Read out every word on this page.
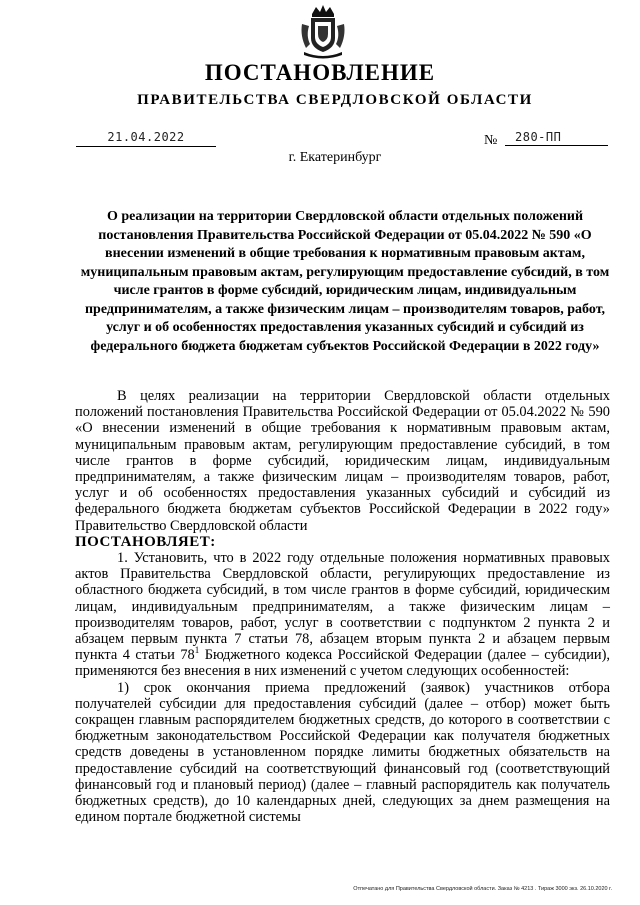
ПОСТАНОВЛЕНИЕ
ПРАВИТЕЛЬСТВА СВЕРДЛОВСКОЙ ОБЛАСТИ
21.04.2022	№	280-ПП
г. Екатеринбург
О реализации на территории Свердловской области отдельных положений постановления Правительства Российской Федерации от 05.04.2022 № 590 «О внесении изменений в общие требования к нормативным правовым актам, муниципальным правовым актам, регулирующим предоставление субсидий, в том числе грантов в форме субсидий, юридическим лицам, индивидуальным предпринимателям, а также физическим лицам – производителям товаров, работ, услуг и об особенностях предоставления указанных субсидий и субсидий из федерального бюджета бюджетам субъектов Российской Федерации в 2022 году»

В целях реализации на территории Свердловской области отдельных положений постановления Правительства Российской Федерации от 05.04.2022 № 590 «О внесении изменений в общие требования к нормативным правовым актам, муниципальным правовым актам, регулирующим предоставление субсидий, в том числе грантов в форме субсидий, юридическим лицам, индивидуальным предпринимателям, а также физическим лицам – производителям товаров, работ, услуг и об особенностях предоставления указанных субсидий и субсидий из федерального бюджета бюджетам субъектов Российской Федерации в 2022 году» Правительство Свердловской области

ПОСТАНОВЛЯЕТ:

1. Установить, что в 2022 году отдельные положения нормативных правовых актов Правительства Свердловской области, регулирующих предоставление из областного бюджета субсидий, в том числе грантов в форме субсидий, юридическим лицам, индивидуальным предпринимателям, а также физическим лицам – производителям товаров, работ, услуг в соответствии с подпунктом 2 пункта 2 и абзацем первым пункта 7 статьи 78, абзацем вторым пункта 2 и абзацем первым пункта 4 статьи $78^1$ Бюджетного кодекса Российской Федерации (далее – субсидии), применяются без внесения в них изменений с учетом следующих особенностей:

1) срок окончания приема предложений (заявок) участников отбора получателей субсидии для предоставления субсидий (далее – отбор) может быть сокращен главным распорядителем бюджетных средств, до которого в соответствии с бюджетным законодательством Российской Федерации как получателя бюджетных средств доведены в установленном порядке лимиты бюджетных обязательств на предоставление субсидий на соответствующий финансовый год (соответствующий финансовый год и плановый период) (далее – главный распорядитель как получатель бюджетных средств), до 10 календарных дней, следующих за днем размещения на едином портале бюджетной системы

Отпечатано для Правительства Свердловской области. Заказ № 4213 . Тираж 3000 экз. 26.10.2020 г.
